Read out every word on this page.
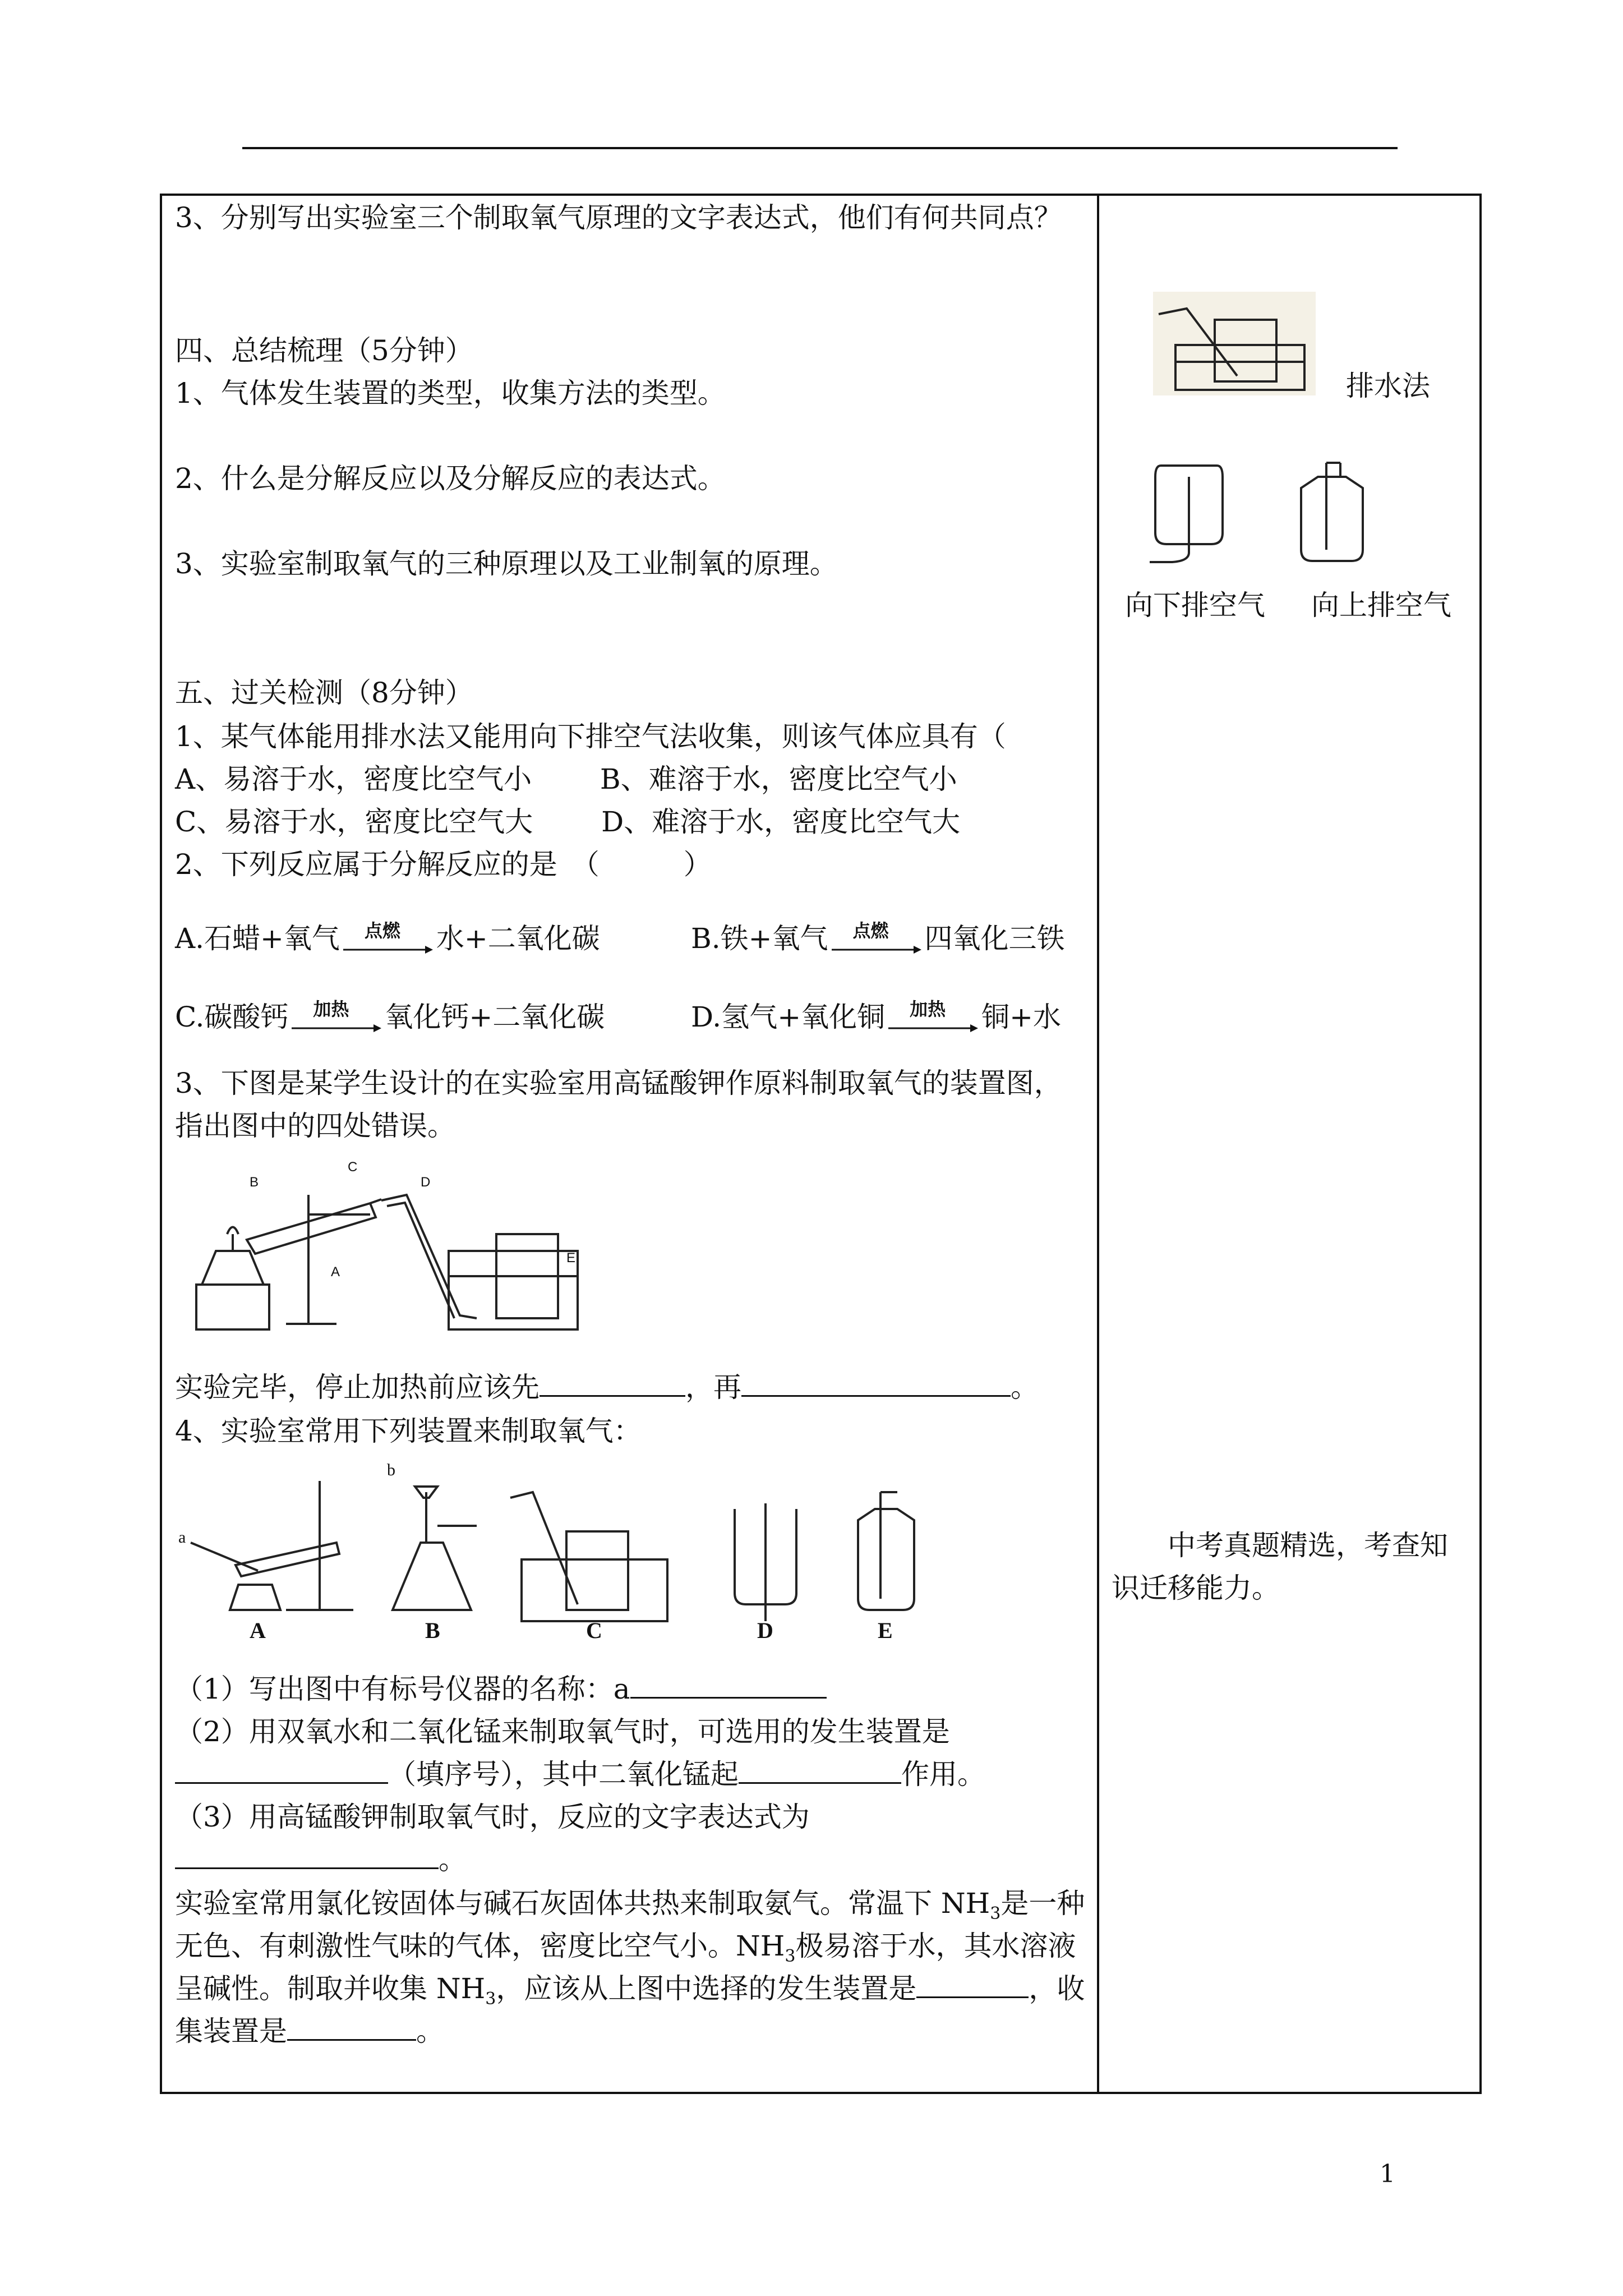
3、分别写出实验室三个制取氧气原理的文字表达式，他们有何共同点？
四、总结梳理（5分钟）
1、气体发生装置的类型，收集方法的类型。
2、什么是分解反应以及分解反应的表达式。
3、实验室制取氧气的三种原理以及工业制氧的原理。
五、过关检测（8分钟）
1、某气体能用排水法又能用向下排空气法收集，则该气体应具有（
A、易溶于水，密度比空气小 B、难溶于水，密度比空气小
C、易溶于水，密度比空气大 D、难溶于水，密度比空气大
2、下列反应属于分解反应的是　（　　　）
A.石蜡+氧气	点燃	水+二氧化碳	B.铁+氧气	点燃	四氧化三铁
C.碳酸钙	加热	氧化钙+二氧化碳	D.氢气+氧化铜	加热	铜+水
3、下图是某学生设计的在实验室用高锰酸钾作原料制取氧气的装置图，
指出图中的四处错误。
A
B
C
D
E
实验完毕，停止加热前应该先	，再	。
4、实验室常用下列装置来制取氧气：
A	B	C	D	E
a
b
（1）写出图中有标号仪器的名称：a
（2）用双氧水和二氧化锰来制取氧气时，可选用的发生装置是
（填序号），其中二氧化锰起	作用。
（3）用高锰酸钾制取氧气时，反应的文字表达式为
。
实验室常用氯化铵固体与碱石灰固体共热来制取氨气。常温下 $NH_3$是一种
无色、有刺激性气味的气体，密度比空气小。$NH_3$极易溶于水，其水溶液
呈碱性。制取并收集 $NH_3$，应该从上图中选择的发生装置是	，收
集装置是	。
排水法
向下排空气 向上排空气
中考真题精选，考查知
识迁移能力。
1
